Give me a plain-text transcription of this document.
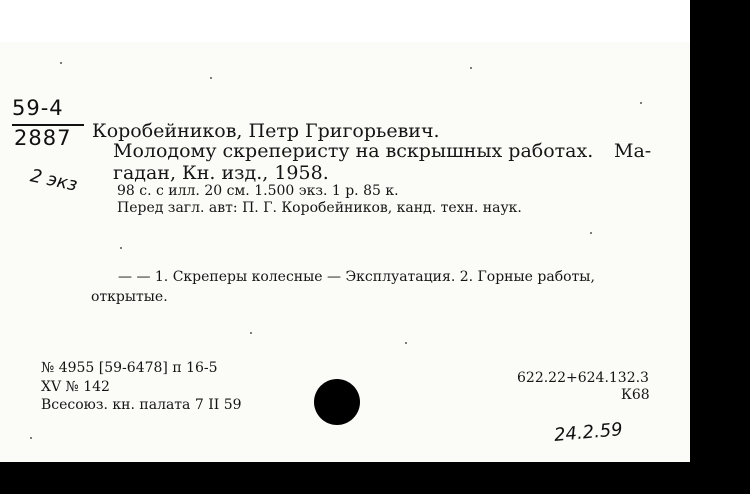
59-4
2887
2 экз
Коробейников, Петр Григорьевич.
Молодому скреперисту на вскрышных работах. Ма-
гадан, Кн. изд., 1958.
98 с. с илл. 20 см. 1.500 экз. 1 р. 85 к.
Перед загл. авт: П. Г. Коробейников, канд. техн. наук.
— — 1. Скреперы колесные — Эксплуатация. 2. Горные работы,
открытые.
№ 4955 [59-6478] п 16-5
XV № 142
Всесоюз. кн. палата 7 II 59
622.22+624.132.3
К68
24.2.59
